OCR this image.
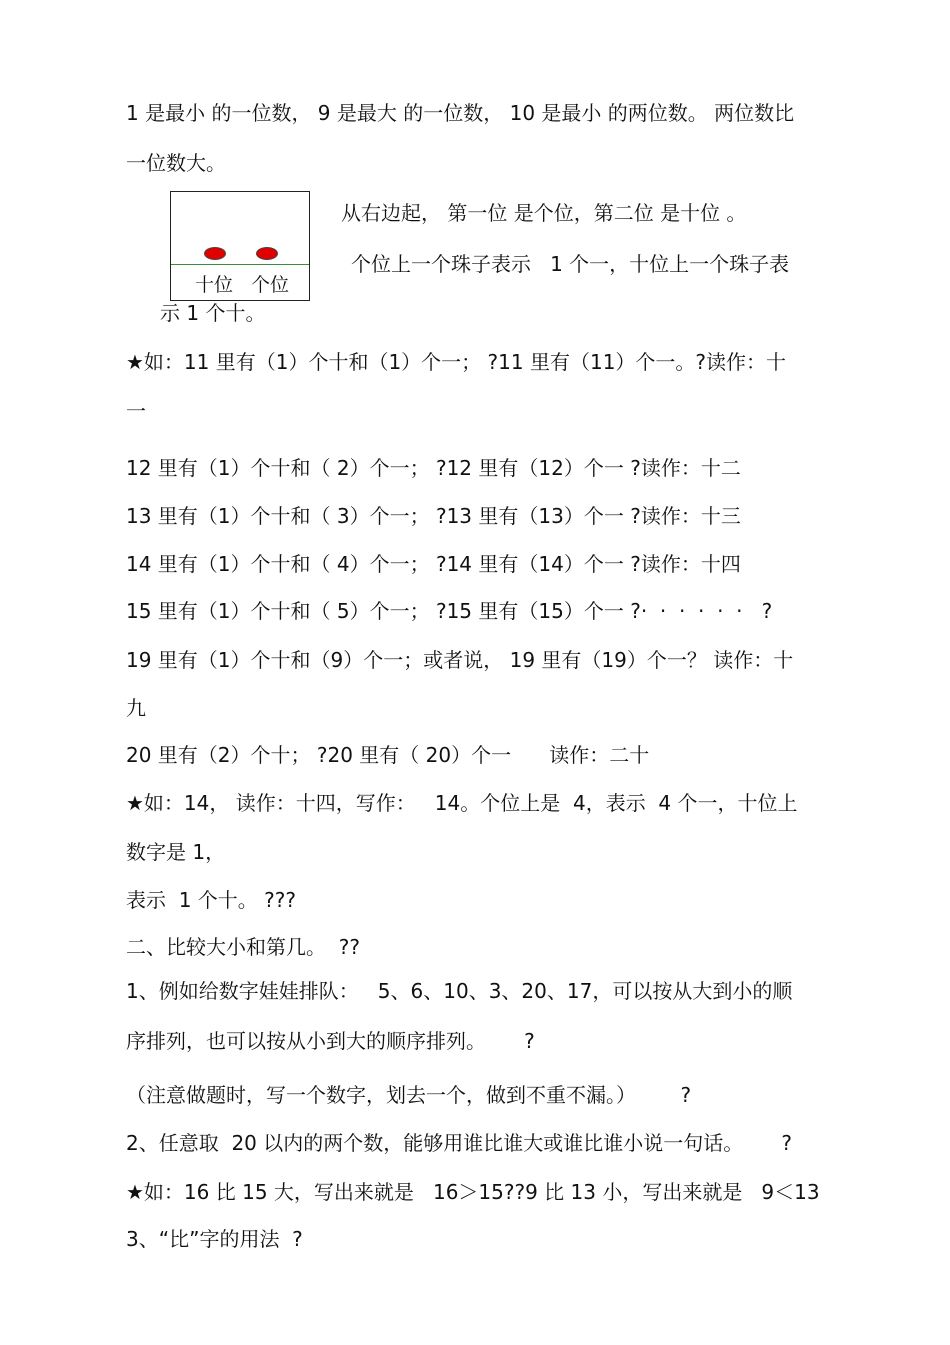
1 是最小 的一位数， 9 是最大 的一位数， 10 是最小 的两位数。 两位数比
一位数大。
十位 个位
从右边起， 第一位 是个位，第二位 是十位 。
个位上一个珠子表示   1 个一，十位上一个珠子表
示 1 个十。
★如：11 里有（1）个十和（1）个一； ?11 里有（11）个一。?读作：十
一
12 里有（1）个十和（ 2）个一； ?12 里有（12）个一 ?读作：十二
13 里有（1）个十和（ 3）个一； ?13 里有（13）个一 ?读作：十三
14 里有（1）个十和（ 4）个一； ?14 里有（14）个一 ?读作：十四
15 里有（1）个十和（ 5）个一； ?15 里有（15）个一 ?·  ·  ·  ·  ·  ·   ?
19 里有（1）个十和（9）个一；或者说， 19 里有（19）个一？ 读作：十
九
20 里有（2）个十； ?20 里有（ 20）个一      读作：二十
★如：14， 读作：十四，写作：   14。个位上是  4，表示  4 个一，十位上
数字是 1，
表示  1 个十。 ???
二、比较大小和第几。  ??
1、例如给数字娃娃排队：   5、6、10、3、20、17，可以按从大到小的顺
序排列，也可以按从小到大的顺序排列。      ?
（注意做题时，写一个数字，划去一个，做到不重不漏。）       ?
2、任意取  20 以内的两个数，能够用谁比谁大或谁比谁小说一句话。      ?
★如：16 比 15 大，写出来就是   16＞15??9 比 13 小，写出来就是   9＜13
3、“比”字的用法  ?
